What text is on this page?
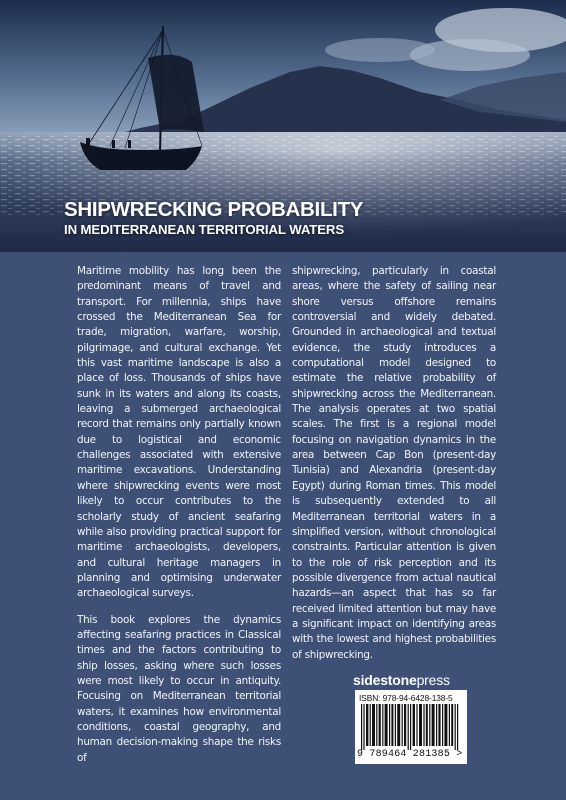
SHIPWRECKING PROBABILITY

IN MEDITERRANEAN TERRITORIAL WATERS

Maritime mobility has long been the predominant means of travel and transport. For millennia, ships have crossed the Mediterranean Sea for trade, migration, warfare, worship, pilgrimage, and cultural exchange. Yet this vast maritime landscape is also a place of loss. Thousands of ships have sunk in its waters and along its coasts, leaving a submerged archaeological record that remains only partially known due to logistical and economic challenges associated with extensive maritime excavations. Understanding where shipwrecking events were most likely to occur contributes to the scholarly study of ancient seafaring while also providing practical support for maritime archaeologists, developers, and cultural heritage managers in planning and optimising underwater archaeological surveys.

This book explores the dynamics affecting seafaring practices in Classical times and the factors contributing to ship losses, asking where such losses were most likely to occur in antiquity. Focusing on Mediterranean territorial waters, it examines how environmental conditions, coastal geography, and human decision-making shape the risks of

shipwrecking, particularly in coastal areas, where the safety of sailing near shore versus offshore remains controversial and widely debated. Grounded in archaeological and textual evidence, the study introduces a computational model designed to estimate the relative probability of shipwrecking across the Mediterranean. The analysis operates at two spatial scales. The first is a regional model focusing on navigation dynamics in the area between Cap Bon (present-day Tunisia) and Alexandria (present-day Egypt) during Roman times. This model is subsequently extended to all Mediterranean territorial waters in a simplified version, without chronological constraints. Particular attention is given to the role of risk perception and its possible divergence from actual nautical hazards—an aspect that has so far received limited attention but may have a significant impact on identifying areas with the lowest and highest probabilities of shipwrecking.

sidestonepress
ISBN: 978-94-6428-138-5
9 789464 281385 >
